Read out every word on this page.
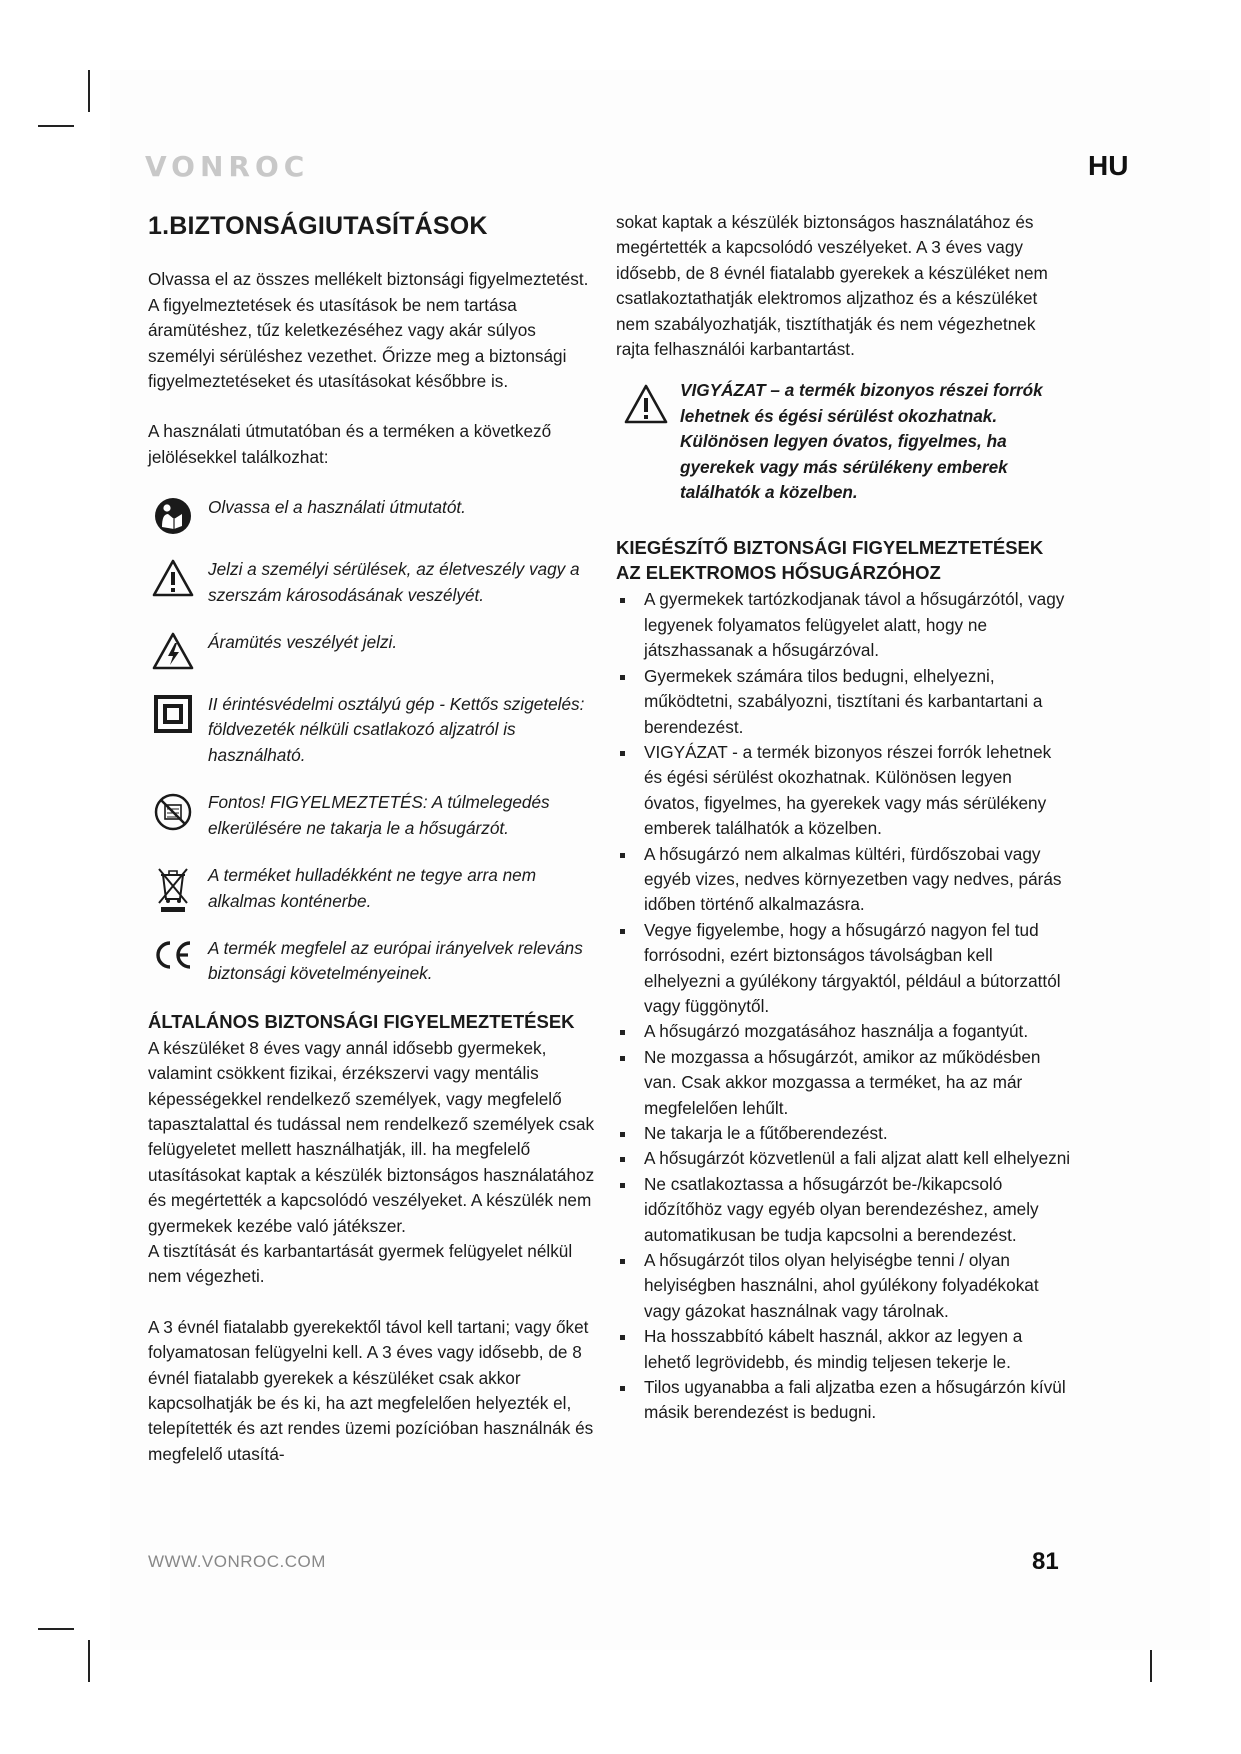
VONROC	HU
1.BIZTONSÁGIUTASÍTÁSOK

Olvassa el az összes mellékelt biztonsági figyelmeztetést. A figyelmeztetések és utasítások be nem tartása áramütéshez, tűz keletkezéséhez vagy akár súlyos személyi sérüléshez vezethet. Őrizze meg a biztonsági figyelmeztetéseket és utasításokat későbbre is.

A használati útmutatóban és a terméken a következő jelölésekkel találkozhat:

Olvassa el a használati útmutatót.
Jelzi a személyi sérülések, az életveszély vagy a szerszám károsodásának veszélyét.
Áramütés veszélyét jelzi.
II érintésvédelmi osztályú gép - Kettős szigetelés: földvezeték nélküli csatlakozó aljzatról is használható.
Fontos! FIGYELMEZTETÉS: A túlmelegedés elkerülésére ne takarja le a hősugárzót.
A terméket hulladékként ne tegye arra nem alkalmas konténerbe.
A termék megfelel az európai irányelvek releváns biztonsági követelményeinek.
ÁLTALÁNOS BIZTONSÁGI FIGYELMEZTETÉSEK

A készüléket 8 éves vagy annál idősebb gyermekek, valamint csökkent fizikai, érzékszervi vagy mentális képességekkel rendelkező személyek, vagy megfelelő tapasztalattal és tudással nem rendelkező személyek csak felügyeletet mellett használhatják, ill. ha megfelelő utasításokat kaptak a készülék biztonságos használatához és megértették a kapcsolódó veszélyeket. A készülék nem gyermekek kezébe való játékszer.

A tisztítását és karbantartását gyermek felügyelet nélkül nem végezheti.

A 3 évnél fiatalabb gyerekektől távol kell tartani; vagy őket folyamatosan felügyelni kell. A 3 éves vagy idősebb, de 8 évnél fiatalabb gyerekek a készüléket csak akkor kapcsolhatják be és ki, ha azt megfelelően helyezték el, telepítették és azt rendes üzemi pozícióban használnák és megfelelő utasítá-

sokat kaptak a készülék biztonságos használatához és megértették a kapcsolódó veszélyeket. A 3 éves vagy idősebb, de 8 évnél fiatalabb gyerekek a készüléket nem csatlakoztathatják elektromos aljzathoz és a készüléket nem szabályozhatják, tisztíthatják és nem végezhetnek rajta felhasználói karbantartást.

VIGYÁZAT – a termék bizonyos részei forrók lehetnek és égési sérülést okozhatnak. Különösen legyen óvatos, figyelmes, ha gyerekek vagy más sérülékeny emberek találhatók a közelben.
KIEGÉSZÍTŐ BIZTONSÁGI FIGYELMEZTETÉSEK AZ ELEKTROMOS HŐSUGÁRZÓHOZ
A gyermekek tartózkodjanak távol a hősugárzótól, vagy legyenek folyamatos felügyelet alatt, hogy ne játszhassanak a hősugárzóval.
Gyermekek számára tilos bedugni, elhelyezni, működtetni, szabályozni, tisztítani és karbantartani a berendezést.
VIGYÁZAT - a termék bizonyos részei forrók lehetnek és égési sérülést okozhatnak. Különösen legyen óvatos, figyelmes, ha gyerekek vagy más sérülékeny emberek találhatók a közelben.
A hősugárzó nem alkalmas kültéri, fürdőszobai vagy egyéb vizes, nedves környezetben vagy nedves, párás időben történő alkalmazásra.
Vegye figyelembe, hogy a hősugárzó nagyon fel tud forrósodni, ezért biztonságos távolságban kell elhelyezni a gyúlékony tárgyaktól, például a bútorzattól vagy függönytől.
A hősugárzó mozgatásához használja a fogantyút.
Ne mozgassa a hősugárzót, amikor az működésben van. Csak akkor mozgassa a terméket, ha az már megfelelően lehűlt.
Ne takarja le a fűtőberendezést.
A hősugárzót közvetlenül a fali aljzat alatt kell elhelyezni
Ne csatlakoztassa a hősugárzót be-/kikapcsoló időzítőhöz vagy egyéb olyan berendezéshez, amely automatikusan be tudja kapcsolni a berendezést.
A hősugárzót tilos olyan helyiségbe tenni / olyan helyiségben használni, ahol gyúlékony folyadékokat vagy gázokat használnak vagy tárolnak.
Ha hosszabbító kábelt használ, akkor az legyen a lehető legrövidebb, és mindig teljesen tekerje le.
Tilos ugyanabba a fali aljzatba ezen a hősugárzón kívül másik berendezést is bedugni.
WWW.VONROC.COM	81
